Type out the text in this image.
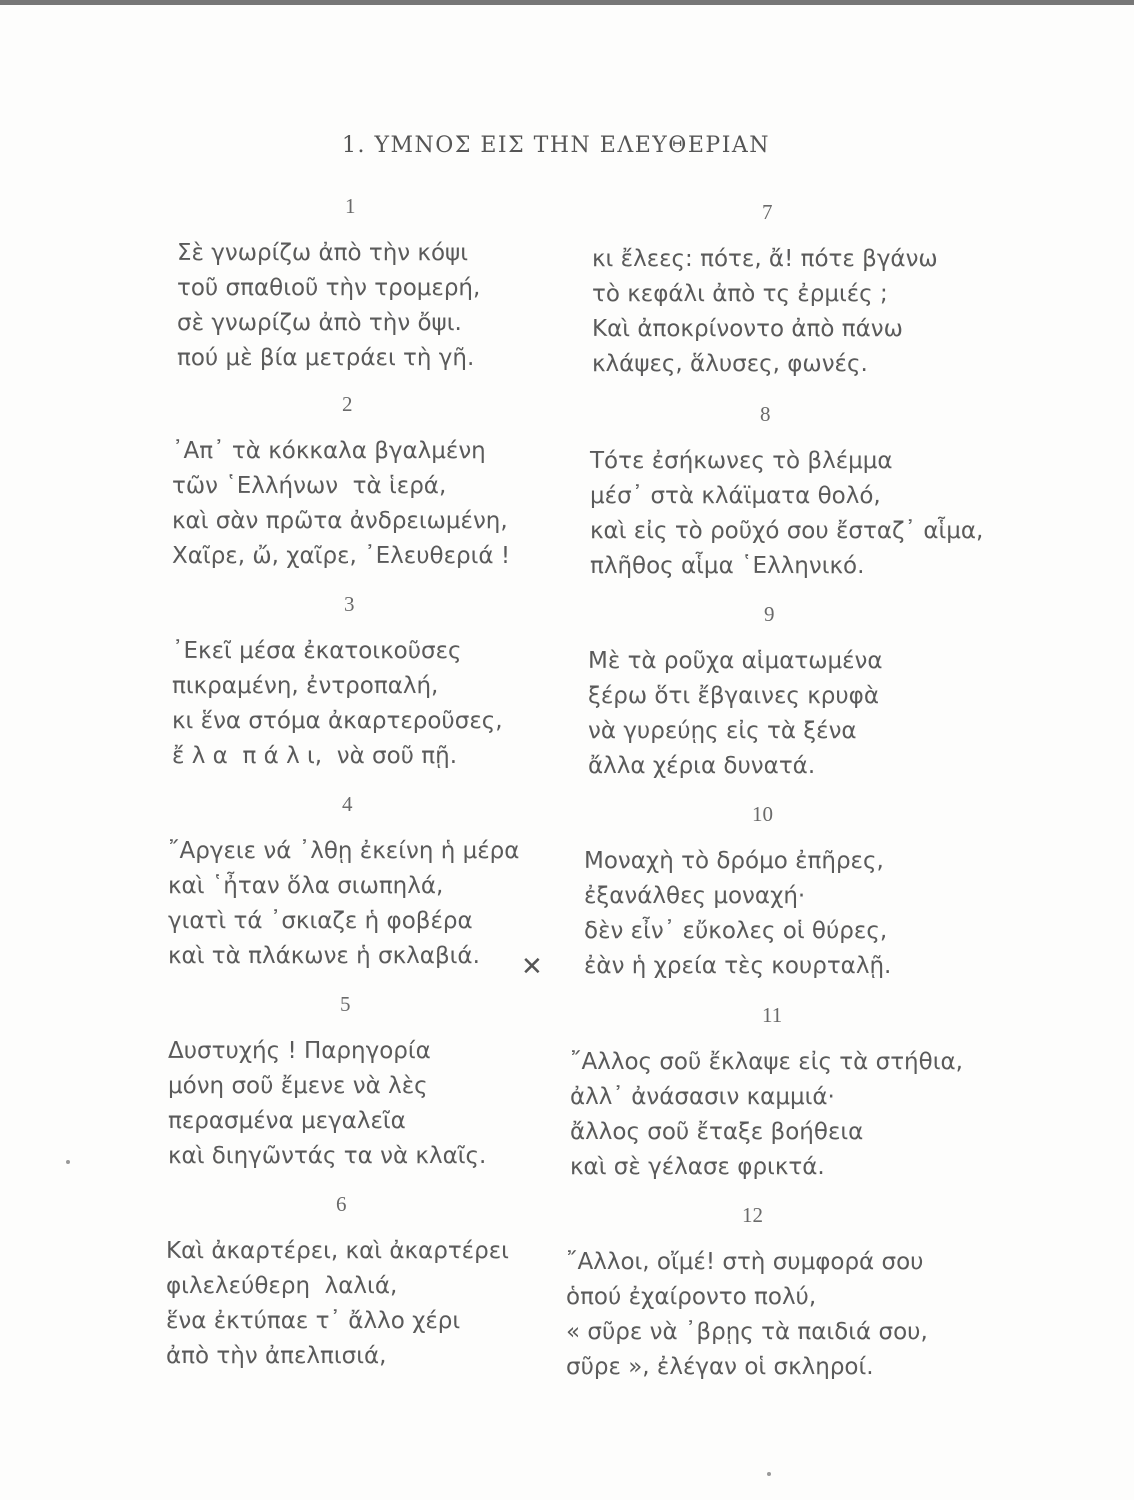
1. ΥΜΝΟΣ ΕΙΣ ΤΗΝ ΕΛΕΥΘΕΡΙΑΝ
1
Σὲ γνωρίζω ἀπὸ τὴν κόψι
τοῦ σπαθιοῦ τὴν τρομερή,
σὲ γνωρίζω ἀπὸ τὴν ὄψι.
πού μὲ βία μετράει τὴ γῆ.
2
᾿Απ᾿ τὰ κόκκαλα βγαλμένη
τῶν ῾Ελλήνων  τὰ ἱερά,
καὶ σὰν πρῶτα ἀνδρειωμένη,
Χαῖρε, ὤ, χαῖρε, ᾿Ελευθεριά !
3
᾿Εκεῖ μέσα ἐκατοικοῦσες
πικραμένη, ἐντροπαλή,
κι ἕνα στόμα ἀκαρτεροῦσες,
ἔ λ α  π ά λ ι,  νὰ σοῦ πῇ.
4
῎Αργειε νά ᾿λθῃ ἐκείνη ἡ μέρα
καὶ ῾ἦταν ὅλα σιωπηλά,
γιατὶ τά ᾿σκιαζε ἡ φοβέρα
καὶ τὰ πλάκωνε ἡ σκλαβιά.
5
Δυστυχής ! Παρηγορία
μόνη σοῦ ἔμενε νὰ λὲς
περασμένα μεγαλεῖα
καὶ διηγῶντάς τα νὰ κλαῖς.
6
Καὶ ἀκαρτέρει, καὶ ἀκαρτέρει
φιλελεύθερη  λαλιά,
ἕνα ἐκτύπαε τ᾿ ἄλλο χέρι
ἀπὸ τὴν ἀπελπισιά,
7
κι ἔλεες: πότε, ἄ! πότε βγάνω
τὸ κεφάλι ἀπὸ τς ἐρμιές ;
Καὶ ἀποκρίνοντο ἀπὸ πάνω
κλάψες, ἅλυσες, φωνές.
8
Τότε ἐσήκωνες τὸ βλέμμα
μέσ᾿ στὰ κλάϊματα θολό,
καὶ εἰς τὸ ροῦχό σου ἔσταζ᾿ αἷμα,
πλῆθος αἷμα ῾Ελληνικό.
9
Μὲ τὰ ροῦχα αἱματωμένα
ξέρω ὅτι ἔβγαινες κρυφὰ
νὰ γυρεύῃς εἰς τὰ ξένα
ἄλλα χέρια δυνατά.
10
Μοναχὴ τὸ δρόμο ἐπῆρες,
ἐξανάλθες μοναχή·
δὲν εἶν᾿ εὔκολες οἱ θύρες,
ἐὰν ἡ χρεία τὲς κουρταλῇ.
11
῎Αλλος σοῦ ἔκλαψε εἰς τὰ στήθια,
ἀλλ᾿ ἀνάσασιν καμμιά·
ἄλλος σοῦ ἔταξε βοήθεια
καὶ σὲ γέλασε φρικτά.
12
῎Αλλοι, οἴμέ! στὴ συμφορά σου
ὁπού ἐχαίροντο πολύ,
« σῦρε νὰ ᾿βρῃς τὰ παιδιά σου,
σῦρε », ἐλέγαν οἱ σκληροί.
✕
